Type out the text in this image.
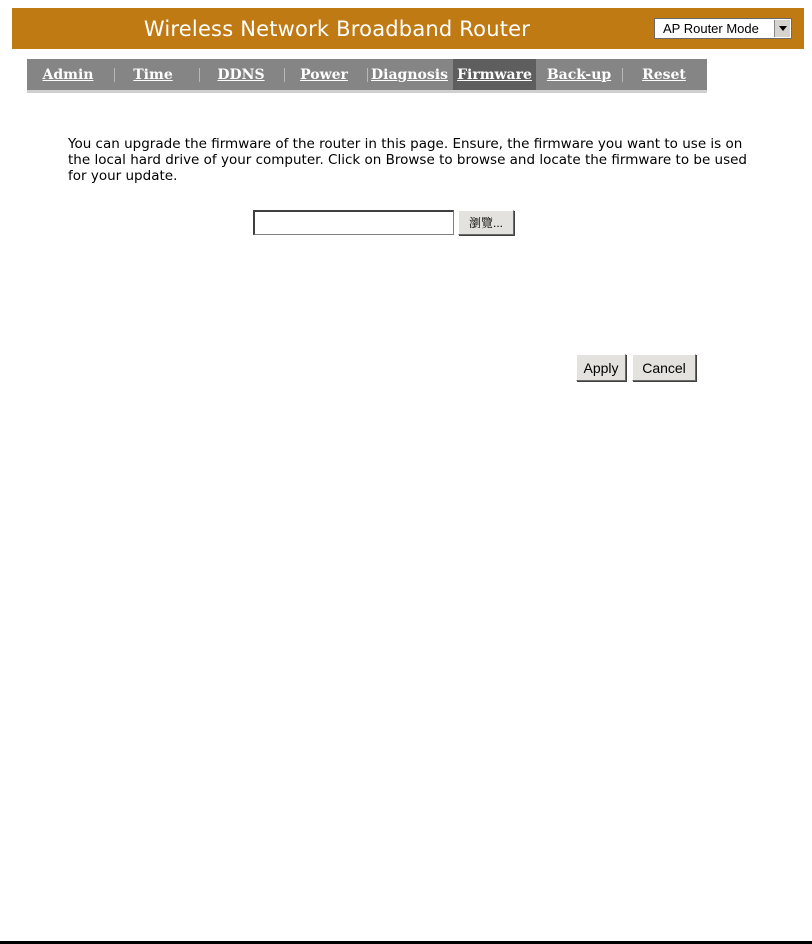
Wireless Network Broadband Router	AP Router Mode
Admin	Time	DDNS	Power	Diagnosis Firmware	Back-up	Reset
You can upgrade the firmware of the router in this page. Ensure, the firmware you want to use is on the local hard drive of your computer. Click on Browse to browse and locate the firmware to be used for your update.
瀏覽...
Apply	Cancel
